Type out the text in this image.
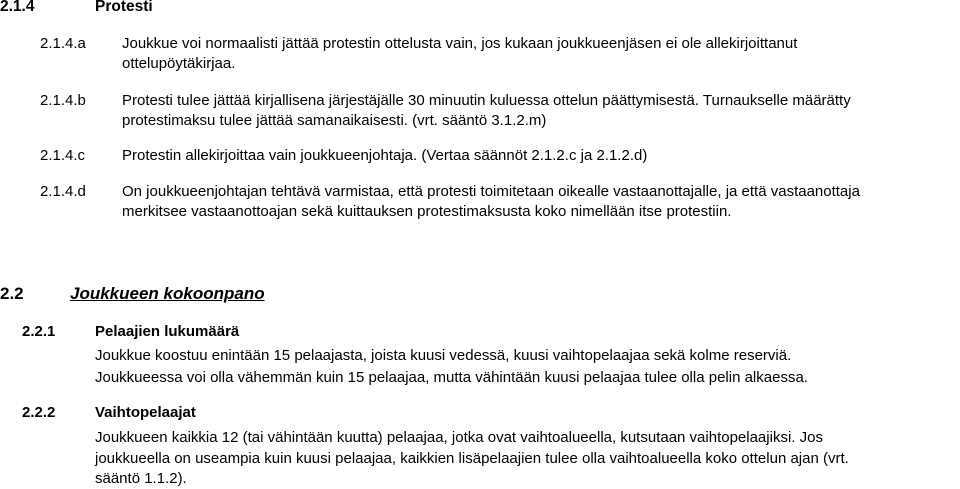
2.1.4	Protesti
2.1.4.a Joukkue voi normaalisti jättää protestin ottelusta vain, jos kukaan joukkueenjäsen ei ole allekirjoittanut
ottelupöytäkirjaa.
2.1.4.b Protesti tulee jättää kirjallisena järjestäjälle 30 minuutin kuluessa ottelun päättymisestä. Turnaukselle määrätty
protestimaksu tulee jättää samanaikaisesti. (vrt. sääntö 3.1.2.m)
2.1.4.c Protestin allekirjoittaa vain joukkueenjohtaja. (Vertaa säännöt 2.1.2.c ja 2.1.2.d)
2.1.4.d On joukkueenjohtajan tehtävä varmistaa, että protesti toimitetaan oikealle vastaanottajalle, ja että vastaanottaja
merkitsee vastaanottoajan sekä kuittauksen protestimaksusta koko nimellään itse protestiin.
2.2	Joukkueen kokoonpano
2.2.1	Pelaajien lukumäärä
Joukkue koostuu enintään 15 pelaajasta, joista kuusi vedessä, kuusi vaihtopelaajaa sekä kolme reserviä.
Joukkueessa voi olla vähemmän kuin 15 pelaajaa, mutta vähintään kuusi pelaajaa tulee olla pelin alkaessa.
2.2.2	Vaihtopelaajat
Joukkueen kaikkia 12 (tai vähintään kuutta) pelaajaa, jotka ovat vaihtoalueella, kutsutaan vaihtopelaajiksi. Jos
joukkueella on useampia kuin kuusi pelaajaa, kaikkien lisäpelaajien tulee olla vaihtoalueella koko ottelun ajan (vrt.
sääntö 1.1.2).
